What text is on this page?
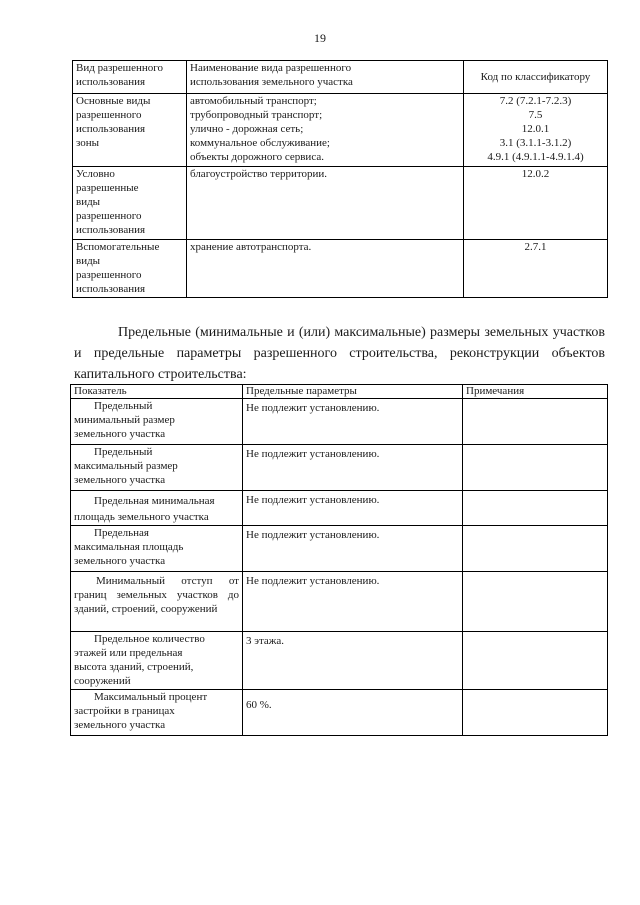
19
Вид разрешенного
использования	Наименование вида разрешенного
использования земельного участка	Код по классификатору
Основные виды
разрешенного
использования
зоны	автомобильный транспорт;
трубопроводный транспорт;
улично - дорожная сеть;
коммунальное обслуживание;
объекты дорожного сервиса.	7.2 (7.2.1-7.2.3)
7.5
12.0.1
3.1 (3.1.1-3.1.2)
4.9.1 (4.9.1.1-4.9.1.4)
Условно
разрешенные
виды
разрешенного
использования	благоустройство территории.	12.0.2
Вспомогательные
виды
разрешенного
использования	хранение автотранспорта.	2.7.1

Предельные (минимальные и (или) максимальные) размеры земельных участков и предельные параметры разрешенного строительства, реконструкции объектов капитального строительства:

Показатель	Предельные параметры	Примечания
Предельный
минимальный размер
земельного участка	Не подлежит установлению.	
Предельный
максимальный размер
земельного участка	Не подлежит установлению.	
Предельная минимальная
площадь земельного участка	Не подлежит установлению.	
Предельная
максимальная площадь
земельного участка	Не подлежит установлению.	
Минимальный отступ от границ земельных участков до зданий, строений, сооружений	Не подлежит установлению.	
Предельное количество
этажей или предельная
высота зданий, строений,
сооружений	3 этажа.	
Максимальный процент
застройки в границах
земельного участка	60 %.	
